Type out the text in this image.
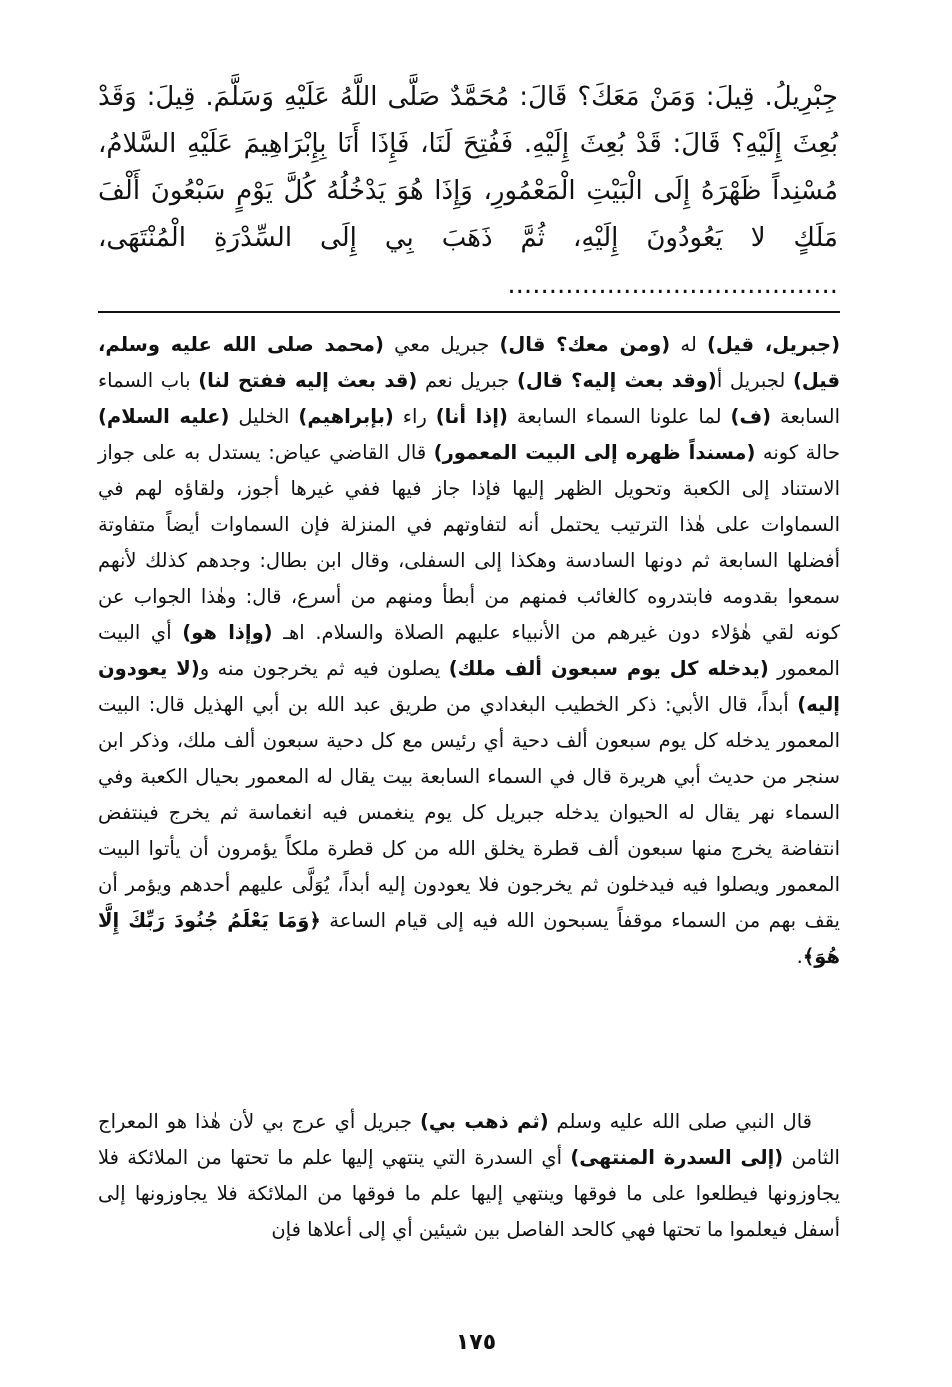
جِبْرِيلُ. قِيلَ: وَمَنْ مَعَكَ؟ قَالَ: مُحَمَّدٌ صَلَّى اللَّهُ عَلَيْهِ وَسَلَّمَ. قِيلَ: وَقَدْ بُعِثَ إِلَيْهِ؟ قَالَ: قَدْ بُعِثَ إِلَيْهِ. فَفُتِحَ لَنَا، فَإِذَا أَنَا بِإِبْرَاهِيمَ عَلَيْهِ السَّلامُ، مُسْنِداً ظَهْرَهُ إِلَى الْبَيْتِ الْمَعْمُورِ، وَإِذَا هُوَ يَدْخُلُهُ كُلَّ يَوْمٍ سَبْعُونَ أَلْفَ مَلَكٍ لا يَعُودُونَ إِلَيْهِ، ثُمَّ ذَهَبَ بِي إِلَى السِّدْرَةِ الْمُنْتَهَى، ........................................

(جبريل، قيل) له (ومن معك؟ قال) جبريل معي (محمد صلى الله عليه وسلم، قيل) لجبريل أ(وقد بعث إليه؟ قال) جبريل نعم (قد بعث إليه ففتح لنا) باب السماء السابعة (ف) لما علونا السماء السابعة (إذا أنا) راء (بإبراهيم) الخليل (عليه السلام) حالة كونه (مسنداً ظهره إلى البيت المعمور) قال القاضي عياض: يستدل به على جواز الاستناد إلى الكعبة وتحويل الظهر إليها فإذا جاز فيها ففي غيرها أجوز، ولقاؤه لهم في السماوات على هٰذا الترتيب يحتمل أنه لتفاوتهم في المنزلة فإن السماوات أيضاً متفاوتة أفضلها السابعة ثم دونها السادسة وهكذا إلى السفلى، وقال ابن بطال: وجدهم كذلك لأنهم سمعوا بقدومه فابتدروه كالغائب فمنهم من أبطأ ومنهم من أسرع، قال: وهٰذا الجواب عن كونه لقي هٰؤلاء دون غيرهم من الأنبياء عليهم الصلاة والسلام. اهـ (وإذا هو) أي البيت المعمور (يدخله كل يوم سبعون ألف ملك) يصلون فيه ثم يخرجون منه و(لا يعودون إليه) أبداً، قال الأبي: ذكر الخطيب البغدادي من طريق عبد الله بن أبي الهذيل قال: البيت المعمور يدخله كل يوم سبعون ألف دحية أي رئيس مع كل دحية سبعون ألف ملك، وذكر ابن سنجر من حديث أبي هريرة قال في السماء السابعة بيت يقال له المعمور بحيال الكعبة وفي السماء نهر يقال له الحيوان يدخله جبريل كل يوم ينغمس فيه انغماسة ثم يخرج فينتفض انتفاضة يخرج منها سبعون ألف قطرة يخلق الله من كل قطرة ملكاً يؤمرون أن يأتوا البيت المعمور ويصلوا فيه فيدخلون ثم يخرجون فلا يعودون إليه أبداً، يُوَلَّى عليهم أحدهم ويؤمر أن يقف بهم من السماء موقفاً يسبحون الله فيه إلى قيام الساعة ﴿وَمَا يَعْلَمُ جُنُودَ رَبِّكَ إِلَّا هُوَ﴾.

قال النبي صلى الله عليه وسلم (ثم ذهب بي) جبريل أي عرج بي لأن هٰذا هو المعراج الثامن (إلى السدرة المنتهى) أي السدرة التي ينتهي إليها علم ما تحتها من الملائكة فلا يجاوزونها فيطلعوا على ما فوقها وينتهي إليها علم ما فوقها من الملائكة فلا يجاوزونها إلى أسفل فيعلموا ما تحتها فهي كالحد الفاصل بين شيئين أي إلى أعلاها فإن

١٧٥
